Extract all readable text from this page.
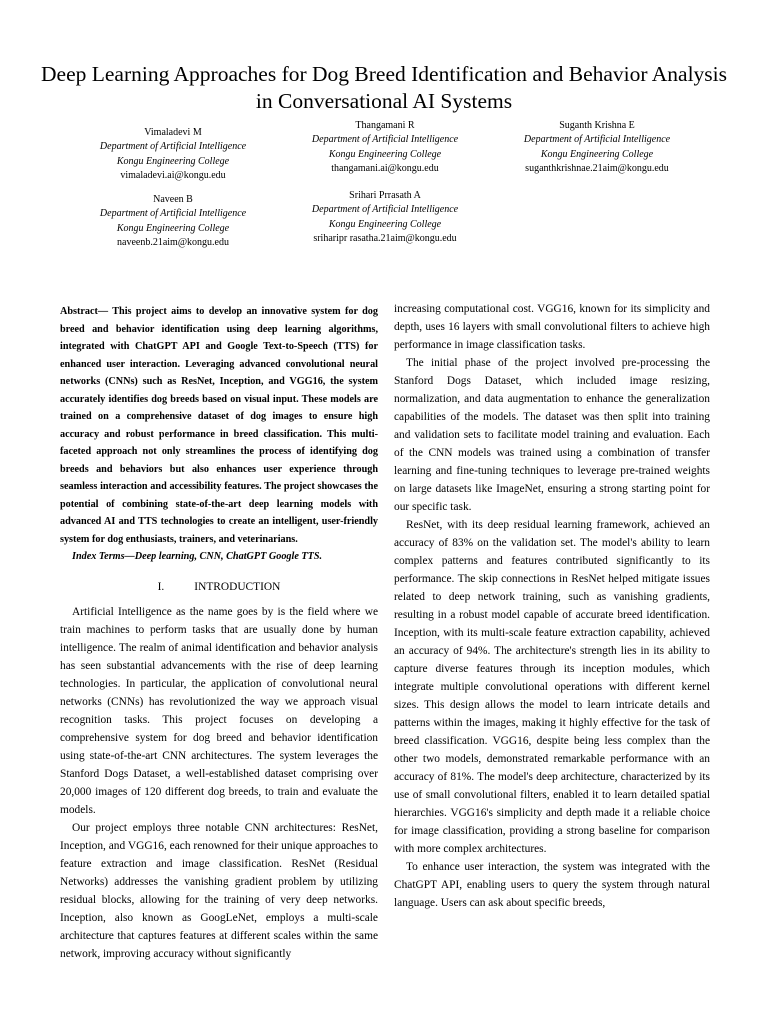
Deep Learning Approaches for Dog Breed Identification and Behavior Analysis in Conversational AI Systems
Vimaladevi M
Department of Artificial Intelligence
Kongu Engineering College
vimaladevi.ai@kongu.edu
Thangamani R
Department of Artificial Intelligence
Kongu Engineering College
thangamani.ai@kongu.edu
Suganth Krishna E
Department of Artificial Intelligence
Kongu Engineering College
suganthkrishnae.21aim@kongu.edu
Naveen B
Department of Artificial Intelligence
Kongu Engineering College
naveenb.21aim@kongu.edu
Srihari Prrasath A
Department of Artificial Intelligence
Kongu Engineering College
sriharipr rasatha.21aim@kongu.edu

Abstract— This project aims to develop an innovative system for dog breed and behavior identification using deep learning algorithms, integrated with ChatGPT API and Google Text-to-Speech (TTS) for enhanced user interaction. Leveraging advanced convolutional neural networks (CNNs) such as ResNet, Inception, and VGG16, the system accurately identifies dog breeds based on visual input. These models are trained on a comprehensive dataset of dog images to ensure high accuracy and robust performance in breed classification. This multi-faceted approach not only streamlines the process of identifying dog breeds and behaviors but also enhances user experience through seamless interaction and accessibility features. The project showcases the potential of combining state-of-the-art deep learning models with advanced AI and TTS technologies to create an intelligent, user-friendly system for dog enthusiasts, trainers, and veterinarians.

Index Terms—Deep learning, CNN, ChatGPT Google TTS.

I.	INTRODUCTION

Artificial Intelligence as the name goes by is the field where we train machines to perform tasks that are usually done by human intelligence. The realm of animal identification and behavior analysis has seen substantial advancements with the rise of deep learning technologies. In particular, the application of convolutional neural networks (CNNs) has revolutionized the way we approach visual recognition tasks. This project focuses on developing a comprehensive system for dog breed and behavior identification using state-of-the-art CNN architectures. The system leverages the Stanford Dogs Dataset, a well-established dataset comprising over 20,000 images of 120 different dog breeds, to train and evaluate the models.

Our project employs three notable CNN architectures: ResNet, Inception, and VGG16, each renowned for their unique approaches to feature extraction and image classification. ResNet (Residual Networks) addresses the vanishing gradient problem by utilizing residual blocks, allowing for the training of very deep networks. Inception, also known as GoogLeNet, employs a multi-scale architecture that captures features at different scales within the same network, improving accuracy without significantly

increasing computational cost. VGG16, known for its simplicity and depth, uses 16 layers with small convolutional filters to achieve high performance in image classification tasks.

The initial phase of the project involved pre-processing the Stanford Dogs Dataset, which included image resizing, normalization, and data augmentation to enhance the generalization capabilities of the models. The dataset was then split into training and validation sets to facilitate model training and evaluation. Each of the CNN models was trained using a combination of transfer learning and fine-tuning techniques to leverage pre-trained weights on large datasets like ImageNet, ensuring a strong starting point for our specific task.

ResNet, with its deep residual learning framework, achieved an accuracy of 83% on the validation set. The model's ability to learn complex patterns and features contributed significantly to its performance. The skip connections in ResNet helped mitigate issues related to deep network training, such as vanishing gradients, resulting in a robust model capable of accurate breed identification. Inception, with its multi-scale feature extraction capability, achieved an accuracy of 94%. The architecture's strength lies in its ability to capture diverse features through its inception modules, which integrate multiple convolutional operations with different kernel sizes. This design allows the model to learn intricate details and patterns within the images, making it highly effective for the task of breed classification. VGG16, despite being less complex than the other two models, demonstrated remarkable performance with an accuracy of 81%. The model's deep architecture, characterized by its use of small convolutional filters, enabled it to learn detailed spatial hierarchies. VGG16's simplicity and depth made it a reliable choice for image classification, providing a strong baseline for comparison with more complex architectures.

To enhance user interaction, the system was integrated with the ChatGPT API, enabling users to query the system through natural language. Users can ask about specific breeds,
